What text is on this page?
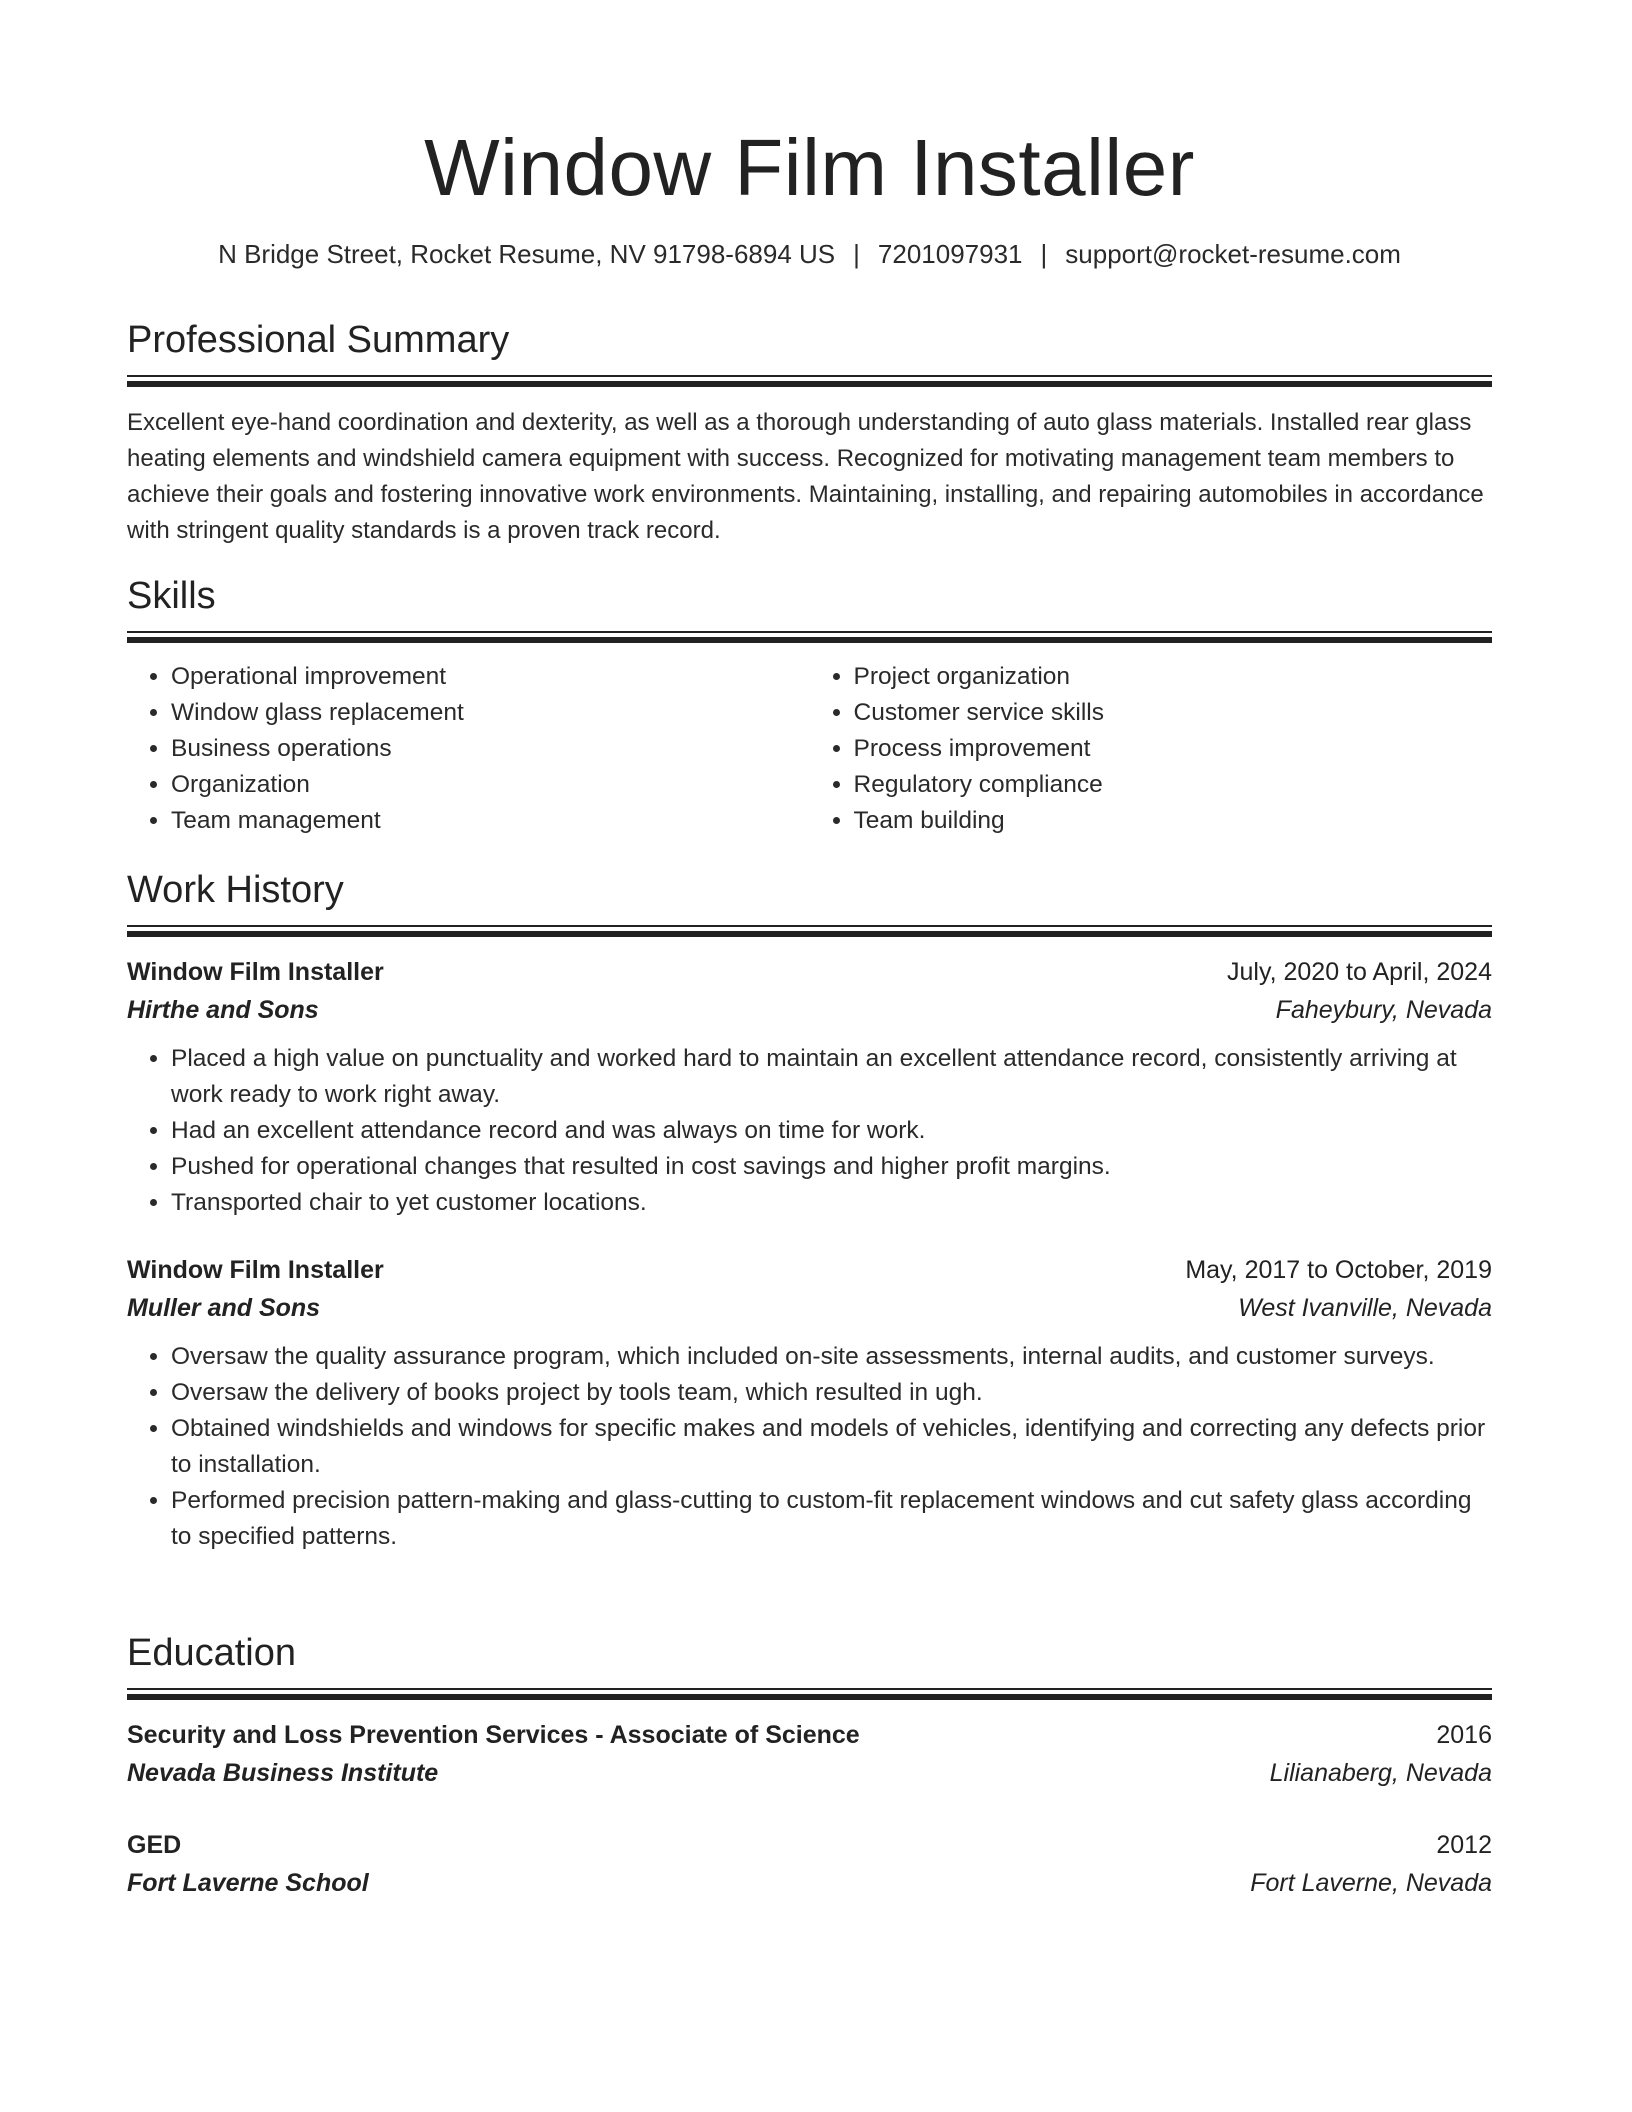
Window Film Installer
N Bridge Street, Rocket Resume, NV 91798-6894 US | 7201097931 | support@rocket-resume.com
Professional Summary
Excellent eye-hand coordination and dexterity, as well as a thorough understanding of auto glass materials. Installed rear glass heating elements and windshield camera equipment with success. Recognized for motivating management team members to achieve their goals and fostering innovative work environments. Maintaining, installing, and repairing automobiles in accordance with stringent quality standards is a proven track record.
Skills
• Operational improvement
• Window glass replacement
• Business operations
• Organization
• Team management
• Project organization
• Customer service skills
• Process improvement
• Regulatory compliance
• Team building
Work History
Window Film Installer	July, 2020 to April, 2024
Hirthe and Sons	Faheybury, Nevada
• Placed a high value on punctuality and worked hard to maintain an excellent attendance record, consistently arriving at work ready to work right away.
• Had an excellent attendance record and was always on time for work.
• Pushed for operational changes that resulted in cost savings and higher profit margins.
• Transported chair to yet customer locations.
Window Film Installer	May, 2017 to October, 2019
Muller and Sons	West Ivanville, Nevada
• Oversaw the quality assurance program, which included on-site assessments, internal audits, and customer surveys.
• Oversaw the delivery of books project by tools team, which resulted in ugh.
• Obtained windshields and windows for specific makes and models of vehicles, identifying and correcting any defects prior to installation.
• Performed precision pattern-making and glass-cutting to custom-fit replacement windows and cut safety glass according to specified patterns.
Education
Security and Loss Prevention Services - Associate of Science	2016
Nevada Business Institute	Lilianaberg, Nevada
GED	2012
Fort Laverne School	Fort Laverne, Nevada
